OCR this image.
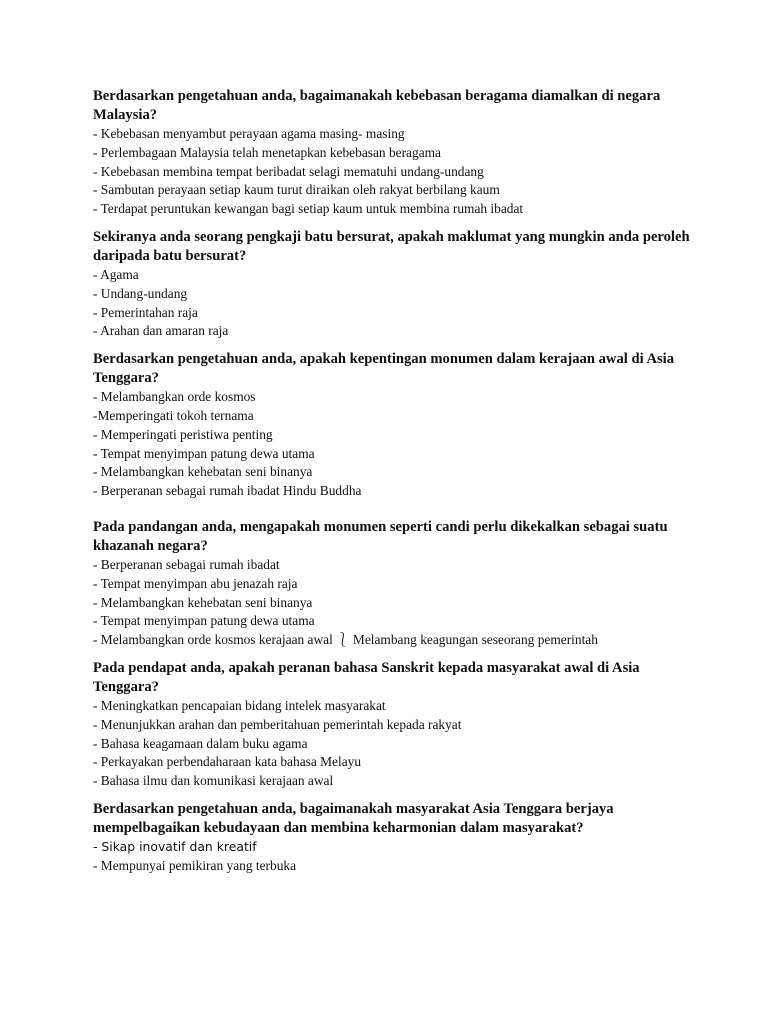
Berdasarkan pengetahuan anda, bagaimanakah kebebasan beragama diamalkan di negara Malaysia?

- Kebebasan menyambut perayaan agama masing- masing
- Perlembagaan Malaysia telah menetapkan kebebasan beragama
- Kebebasan membina tempat beribadat selagi mematuhi undang-undang
- Sambutan perayaan setiap kaum turut diraikan oleh rakyat berbilang kaum
- Terdapat peruntukan kewangan bagi setiap kaum untuk membina rumah ibadat

Sekiranya anda seorang pengkaji batu bersurat, apakah maklumat yang mungkin anda peroleh daripada batu bersurat?

- Agama
- Undang-undang
- Pemerintahan raja
- Arahan dan amaran raja

Berdasarkan pengetahuan anda, apakah kepentingan monumen dalam kerajaan awal di Asia Tenggara?

- Melambangkan orde kosmos
-Memperingati tokoh ternama
- Memperingati peristiwa penting
- Tempat menyimpan patung dewa utama
- Melambangkan kehebatan seni binanya
- Berperanan sebagai rumah ibadat Hindu Buddha

Pada pandangan anda, mengapakah monumen seperti candi perlu dikekalkan sebagai suatu khazanah negara?

- Berperanan sebagai rumah ibadat
- Tempat menyimpan abu jenazah raja
- Melambangkan kehebatan seni binanya
- Tempat menyimpan patung dewa utama
- Melambangkan orde kosmos kerajaan awal ⎱ Melambang keagungan seseorang pemerintah

Pada pendapat anda, apakah peranan bahasa Sanskrit kepada masyarakat awal di Asia Tenggara?

- Meningkatkan pencapaian bidang intelek masyarakat
- Menunjukkan arahan dan pemberitahuan pemerintah kepada rakyat
- Bahasa keagamaan dalam buku agama
- Perkayakan perbendaharaan kata bahasa Melayu
- Bahasa ilmu dan komunikasi kerajaan awal

Berdasarkan pengetahuan anda, bagaimanakah masyarakat Asia Tenggara berjaya mempelbagaikan kebudayaan dan membina keharmonian dalam masyarakat?

- Sikap inovatif dan kreatif
- Mempunyai pemikiran yang terbuka
